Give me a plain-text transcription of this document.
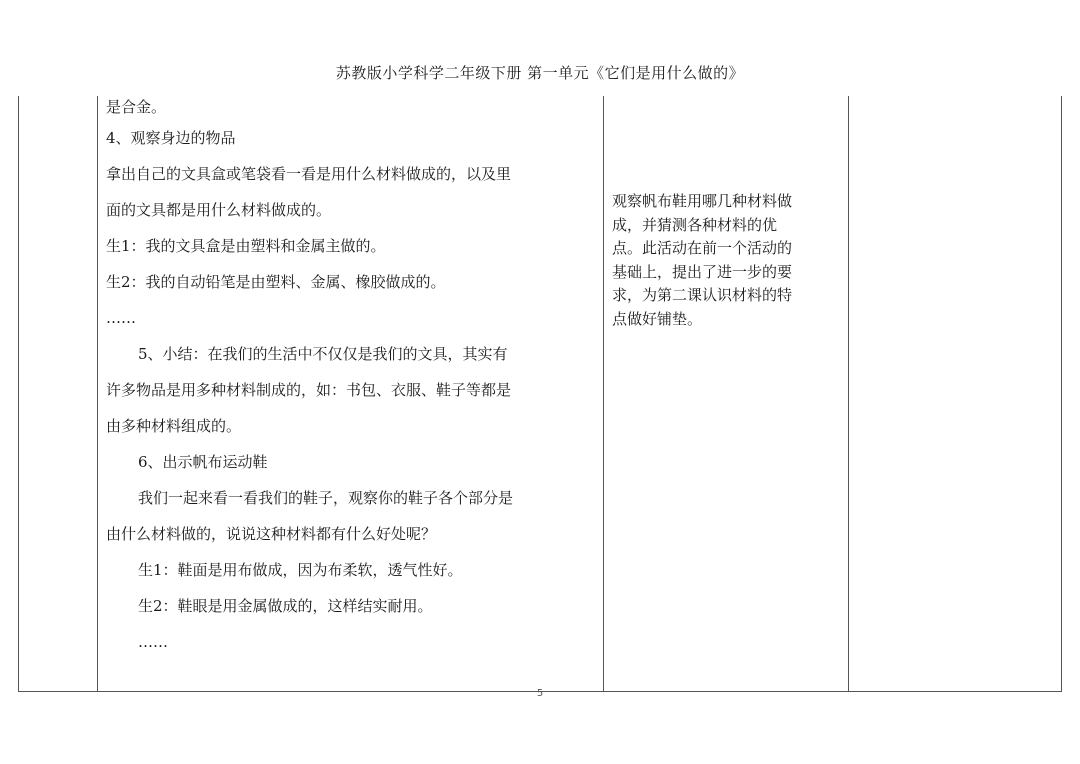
苏教版小学科学二年级下册 第一单元《它们是用什么做的》

是合金。
4、观察身边的物品
拿出自己的文具盒或笔袋看一看是用什么材料做成的，以及里
面的文具都是用什么材料做成的。
生1：我的文具盒是由塑料和金属主做的。
生2：我的自动铅笔是由塑料、金属、橡胶做成的。
……
5、小结：在我们的生活中不仅仅是我们的文具，其实有
许多物品是用多种材料制成的，如：书包、衣服、鞋子等都是
由多种材料组成的。
6、出示帆布运动鞋
我们一起来看一看我们的鞋子，观察你的鞋子各个部分是
由什么材料做的，说说这种材料都有什么好处呢？
生1：鞋面是用布做成，因为布柔软，透气性好。
生2：鞋眼是用金属做成的，这样结实耐用。
……

观察帆布鞋用哪几种材料做
成，并猜测各种材料的优
点。此活动在前一个活动的
基础上，提出了进一步的要
求，为第二课认识材料的特
点做好铺垫。

5
